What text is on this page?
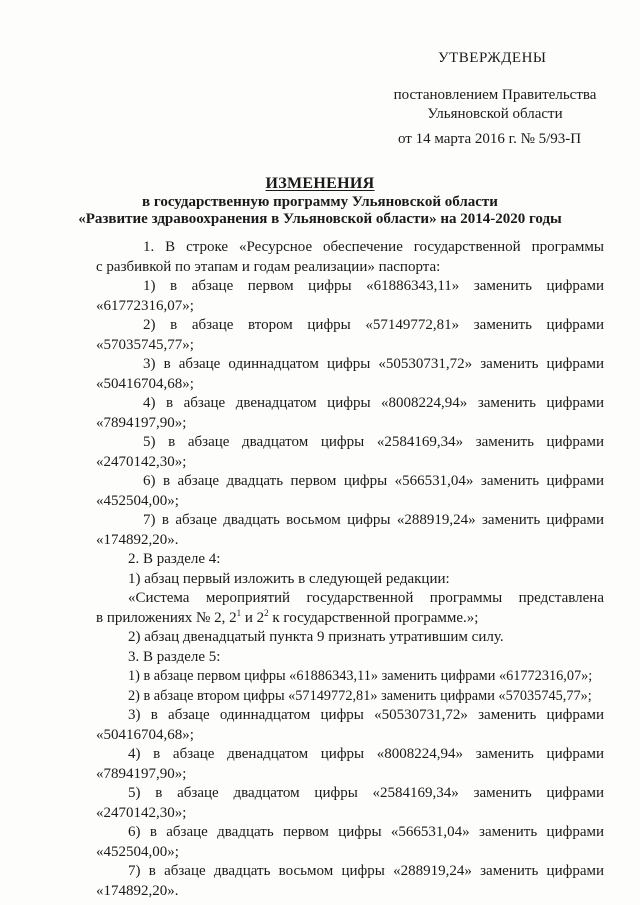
УТВЕРЖДЕНЫ
постановлением Правительства
Ульяновской области
от 14 марта 2016 г. № 5/93-П
ИЗМЕНЕНИЯ
в государственную программу Ульяновской области
«Развитие здравоохранения в Ульяновской области» на 2014-2020 годы

1. В строке «Ресурсное обеспечение государственной программы

с разбивкой по этапам и годам реализации» паспорта:

1) в абзаце первом цифры «61886343,11» заменить цифрами

«61772316,07»;

2) в абзаце втором цифры «57149772,81» заменить цифрами

«57035745,77»;

3) в абзаце одиннадцатом цифры «50530731,72» заменить цифрами

«50416704,68»;

4) в абзаце двенадцатом цифры «8008224,94» заменить цифрами

«7894197,90»;

5) в абзаце двадцатом цифры «2584169,34» заменить цифрами

«2470142,30»;

6) в абзаце двадцать первом цифры «566531,04» заменить цифрами

«452504,00»;

7) в абзаце двадцать восьмом цифры «288919,24» заменить цифрами

«174892,20».

2. В разделе 4:

1) абзац первый изложить в следующей редакции:

«Система мероприятий государственной программы представлена

в приложениях № 2, $2^1$ и $2^2$ к государственной программе.»;

2) абзац двенадцатый пункта 9 признать утратившим силу.

3. В разделе 5:

1) в абзаце первом цифры «61886343,11» заменить цифрами «61772316,07»;

2) в абзаце втором цифры «57149772,81» заменить цифрами «57035745,77»;

3) в абзаце одиннадцатом цифры «50530731,72» заменить цифрами

«50416704,68»;

4) в абзаце двенадцатом цифры «8008224,94» заменить цифрами

«7894197,90»;

5) в абзаце двадцатом цифры «2584169,34» заменить цифрами

«2470142,30»;

6) в абзаце двадцать первом цифры «566531,04» заменить цифрами

«452504,00»;

7) в абзаце двадцать восьмом цифры «288919,24» заменить цифрами

«174892,20».
